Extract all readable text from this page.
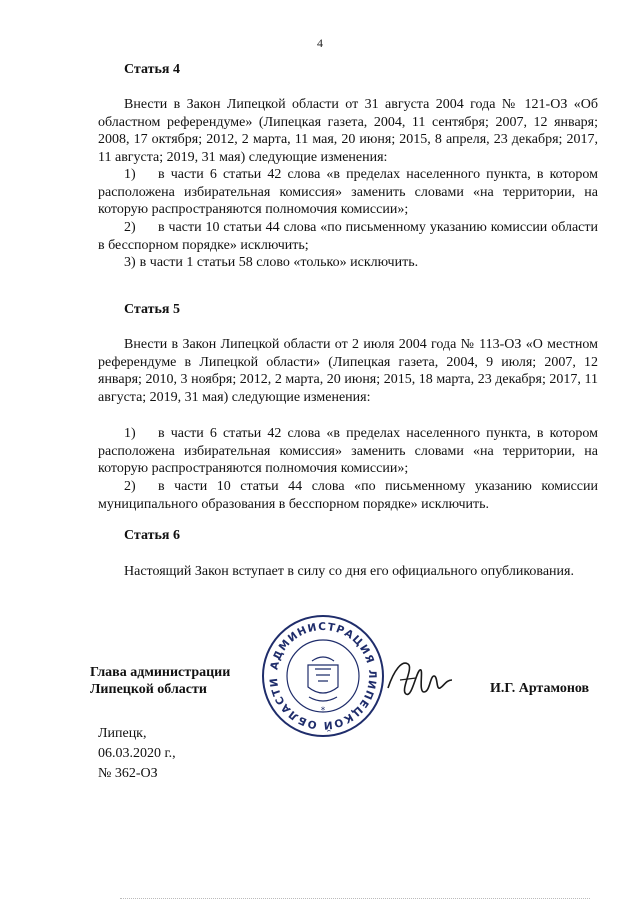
4
Статья 4
Внести в Закон Липецкой области от 31 августа 2004 года № 121-ОЗ «Об областном референдуме» (Липецкая газета, 2004, 11 сентября; 2007, 12 января; 2008, 17 октября; 2012, 2 марта, 11 мая, 20 июня; 2015, 8 апреля, 23 декабря; 2017, 11 августа; 2019, 31 мая) следующие изменения:
1) в части 6 статьи 42 слова «в пределах населенного пункта, в котором расположена избирательная комиссия» заменить словами «на территории, на которую распространяются полномочия комиссии»;
2) в части 10 статьи 44 слова «по письменному указанию комиссии области в бесспорном порядке» исключить;
3) в части 1 статьи 58 слово «только» исключить.
Статья 5
Внести в Закон Липецкой области от 2 июля 2004 года № 113-ОЗ «О местном референдуме в Липецкой области» (Липецкая газета, 2004, 9 июля; 2007, 12 января; 2010, 3 ноября; 2012, 2 марта, 20 июня; 2015, 18 марта, 23 декабря; 2017, 11 августа; 2019, 31 мая) следующие изменения:
1) в части 6 статьи 42 слова «в пределах населенного пункта, в котором расположена избирательная комиссия» заменить словами «на территории, на которую распространяются полномочия комиссии»;
2) в части 10 статьи 44 слова «по письменному указанию комиссии муниципального образования в бесспорном порядке» исключить.
Статья 6
Настоящий Закон вступает в силу со дня его официального опубликования.
Глава администрации
Липецкой области
АДМИНИСТРАЦИЯ ЛИПЕЦКОЙ ОБЛАСТИ
*
И.Г. Артамонов
Липецк,
06.03.2020 г.,
№ 362-ОЗ
